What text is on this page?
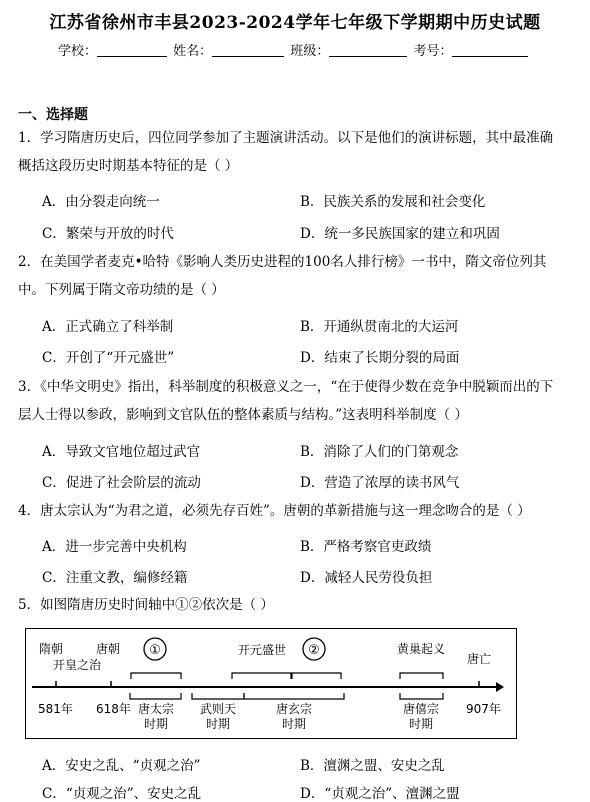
江苏省徐州市丰县2023-2024学年七年级下学期期中历史试题
学校：	姓名：	班级：	考号：
一、选择题
1．学习隋唐历史后，四位同学参加了主题演讲活动。以下是他们的演讲标题，其中最准确
概括这段历史时期基本特征的是（ ）
A．由分裂走向统一	B．民族关系的发展和社会变化
C．繁荣与开放的时代	D．统一多民族国家的建立和巩固
2．在美国学者麦克•哈特《影响人类历史进程的100名人排行榜》一书中，隋文帝位列其
中。下列属于隋文帝功绩的是（ ）
A．正式确立了科举制	B．开通纵贯南北的大运河
C．开创了“开元盛世”	D．结束了长期分裂的局面
3．《中华文明史》指出，科举制度的积极意义之一，“在于使得少数在竞争中脱颖而出的下
层人士得以参政，影响到文官队伍的整体素质与结构。”这表明科举制度（ ）
A．导致文官地位超过武官	B．消除了人们的门第观念
C．促进了社会阶层的流动	D．营造了浓厚的读书风气
4．唐太宗认为“为君之道，必须先存百姓”。唐朝的革新措施与这一理念吻合的是（ ）
A．进一步完善中央机构	B．严格考察官吏政绩
C．注重文教，编修经籍	D．减轻人民劳役负担
5．如图隋唐历史时间轴中①②依次是（ ）
隋朝
开皇之治
唐朝 ①	开元盛世 ②	黄巢起义
唐亡
581年 618年	907年
唐太宗
时期
武则天
时期
唐玄宗
时期
唐僖宗
时期
A．安史之乱、“贞观之治”	B．澶渊之盟、安史之乱
C．“贞观之治”、安史之乱	D．“贞观之治”、澶渊之盟
